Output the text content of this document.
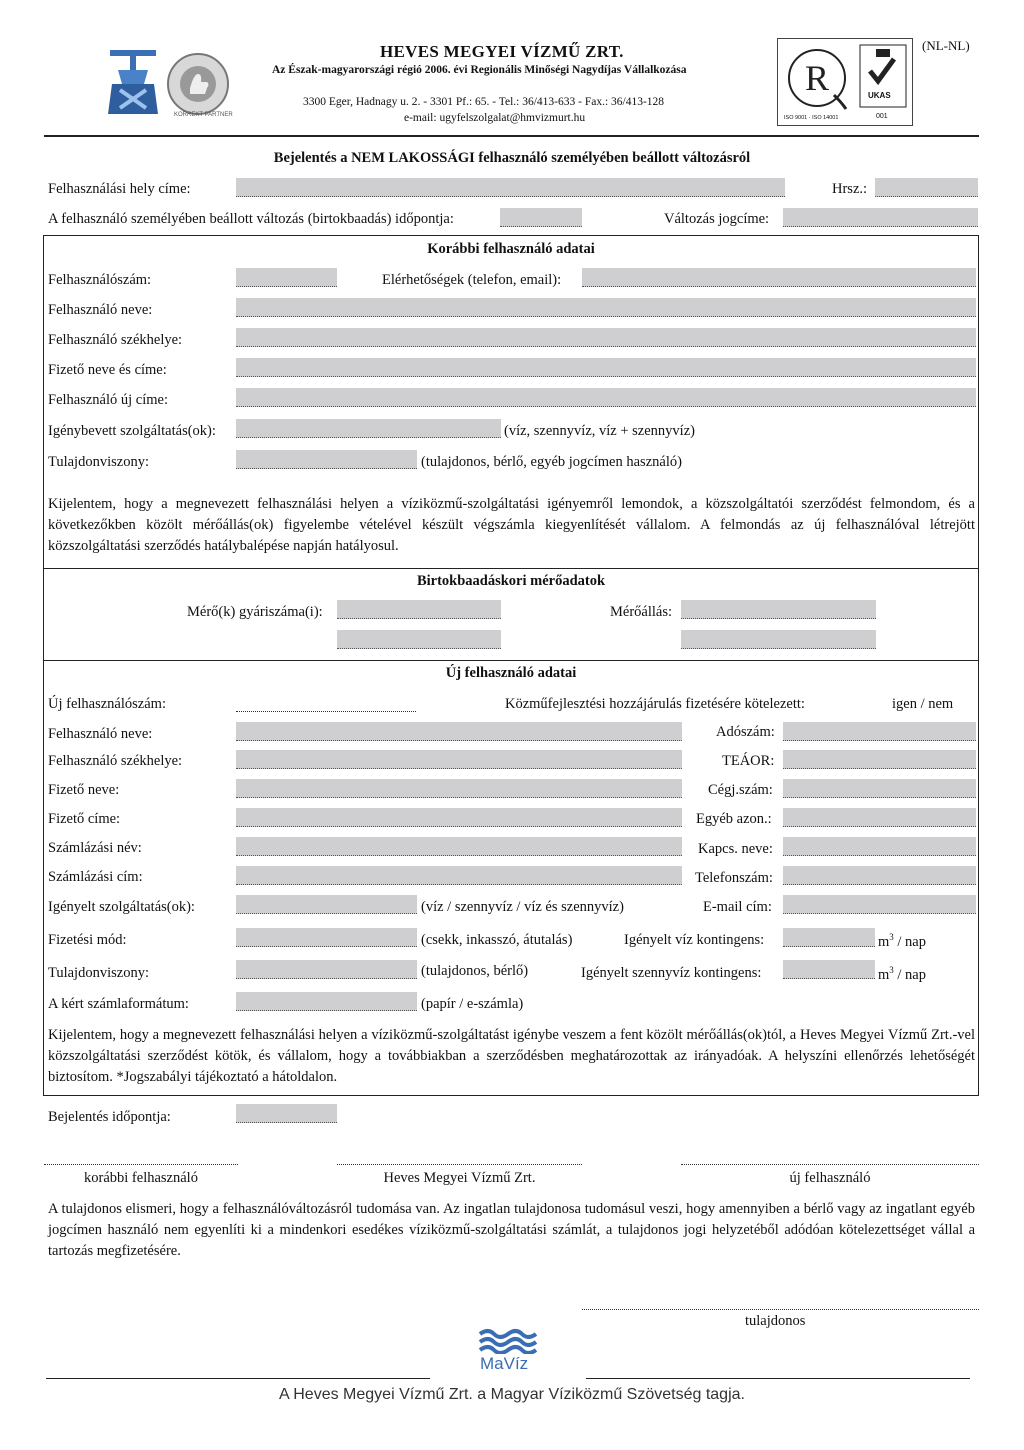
KORREKT PARTNER
HEVES MEGYEI VÍZMŰ ZRT.
Az Észak-magyarországi régió 2006. évi Regionális Minőségi Nagydíjas Vállalkozása
3300 Eger, Hadnagy u. 2. - 3301 Pf.: 65. - Tel.: 36/413-633 - Fax.: 36/413-128
e-mail: ugyfelszolgalat@hmvizmurt.hu
R	UKAS
ISO 9001 · ISO 14001	001
(NL-NL)
Bejelentés a NEM LAKOSSÁGI felhasználó személyében beállott változásról
Felhasználási hely címe:	Hrsz.:
A felhasználó személyében beállott változás (birtokbaadás) időpontja:	Változás jogcíme:
Korábbi felhasználó adatai
Felhasználószám:	Elérhetőségek (telefon, email):
Felhasználó neve:
Felhasználó székhelye:
Fizető neve és címe:
Felhasználó új címe:
Igénybevett szolgáltatás(ok):	(víz, szennyvíz, víz + szennyvíz)
Tulajdonviszony:	(tulajdonos, bérlő, egyéb jogcímen használó)
Kijelentem, hogy a megnevezett felhasználási helyen a víziközmű-szolgáltatási igényemről lemondok, a közszolgáltatói szerződést felmondom, és a következőkben közölt mérőállás(ok) figyelembe vételével készült végszámla kiegyenlítését vállalom. A felmondás az új felhasználóval létrejött közszolgáltatási szerződés hatálybalépése napján hatályosul.
Birtokbaadáskori mérőadatok
Mérő(k) gyáriszáma(i):	Mérőállás:
Új felhasználó adatai
Új felhasználószám:	Közműfejlesztési hozzájárulás fizetésére kötelezett:	igen / nem
Felhasználó neve:	Adószám:
Felhasználó székhelye:	TEÁOR:
Fizető neve:	Cégj.szám:
Fizető címe:	Egyéb azon.:
Számlázási név:	Kapcs. neve:
Számlázási cím:	Telefonszám:
Igényelt szolgáltatás(ok):	(víz / szennyvíz / víz és szennyvíz)	E-mail cím:
Fizetési mód:	(csekk, inkasszó, átutalás)	Igényelt víz kontingens:	$m^3$ / nap
Tulajdonviszony:	(tulajdonos, bérlő)	Igényelt szennyvíz kontingens:	$m^3$ / nap
A kért számlaformátum:	(papír / e-számla)
Kijelentem, hogy a megnevezett felhasználási helyen a víziközmű-szolgáltatást igénybe veszem a fent közölt mérőállás(ok)tól, a Heves Megyei Vízmű Zrt.-vel közszolgáltatási szerződést kötök, és vállalom, hogy a továbbiakban a szerződésben meghatározottak az irányadóak. A helyszíni ellenőrzés lehetőségét biztosítom. *Jogszabályi tájékoztató a hátoldalon.
Bejelentés időpontja:
korábbi felhasználó	Heves Megyei Vízmű Zrt.	új felhasználó
A tulajdonos elismeri, hogy a felhasználóváltozásról tudomása van. Az ingatlan tulajdonosa tudomásul veszi, hogy amennyiben a bérlő vagy az ingatlant egyéb jogcímen használó nem egyenlíti ki a mindenkori esedékes víziközmű-szolgáltatási számlát, a tulajdonos jogi helyzetéből adódóan kötelezettséget vállal a tartozás megfizetésére.
tulajdonos
MaVíz
A Heves Megyei Vízmű Zrt. a Magyar Víziközmű Szövetség tagja.
